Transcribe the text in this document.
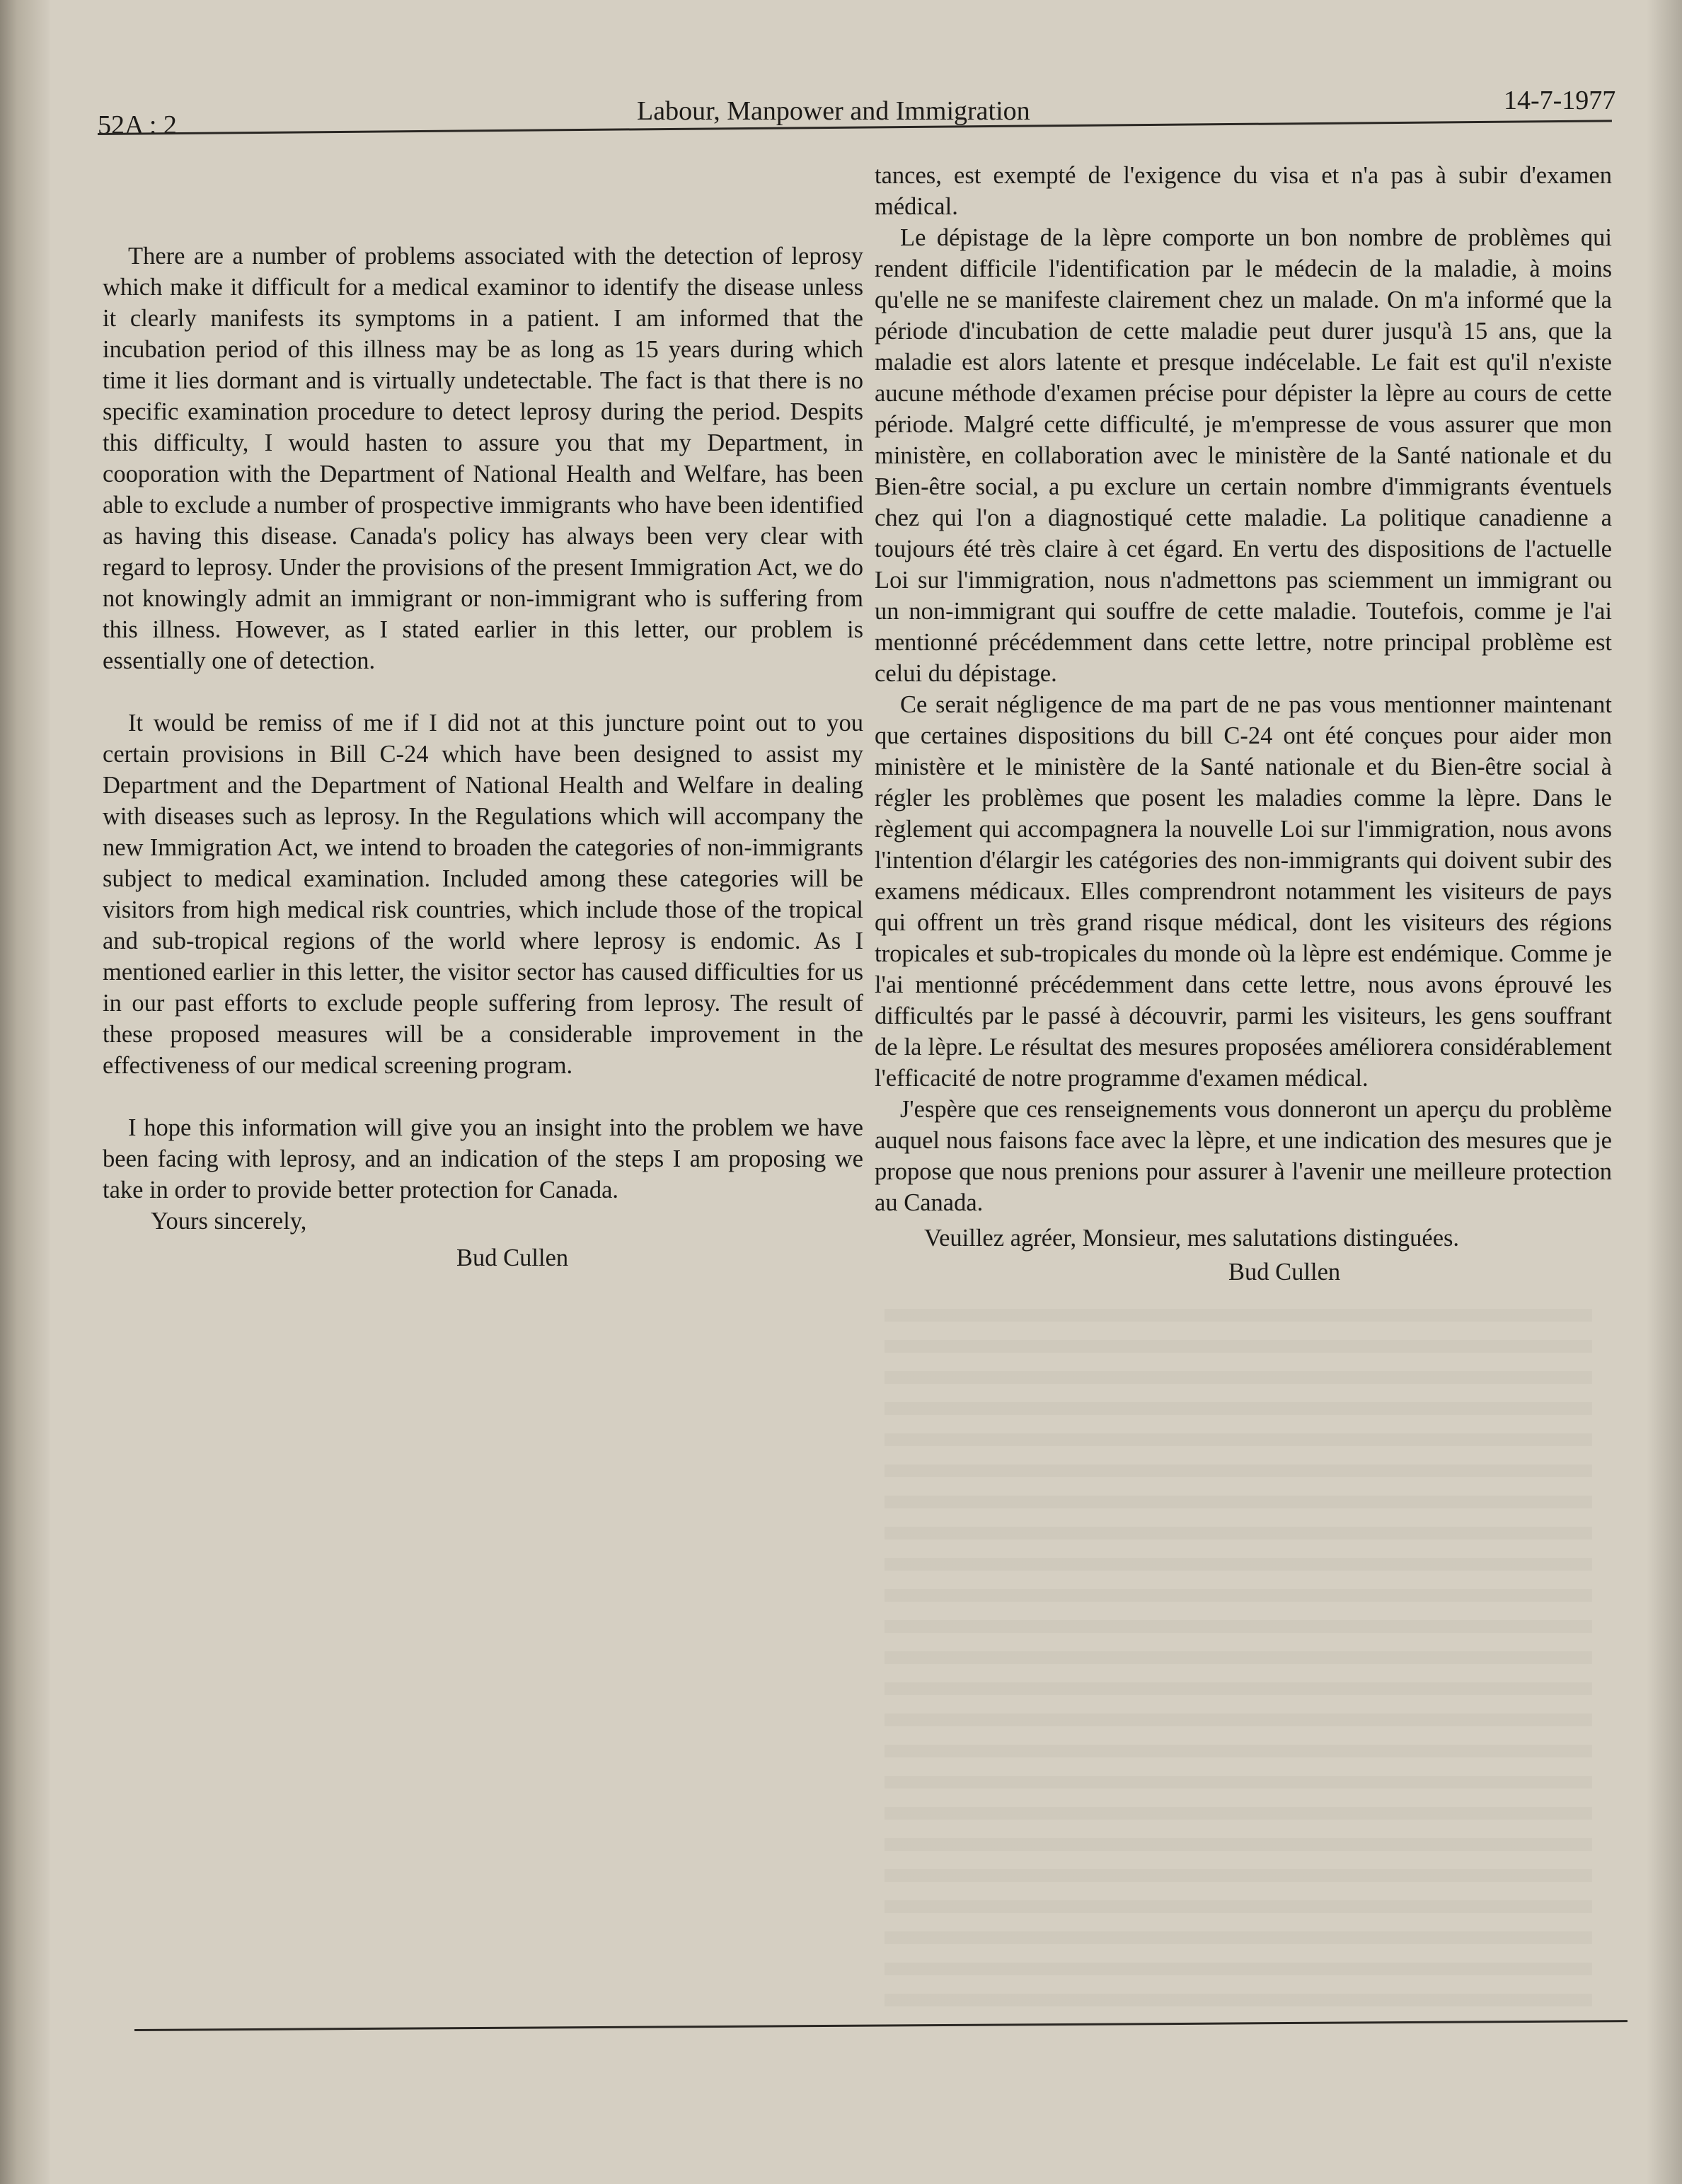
52A : 2	Labour, Manpower and Immigration	14-7-1977

There are a number of problems associated with the detection of leprosy which make it difficult for a medical examinor to identify the disease unless it clearly manifests its symptoms in a patient. I am informed that the incubation period of this illness may be as long as 15 years during which time it lies dormant and is virtually undetectable. The fact is that there is no specific examination procedure to detect leprosy during the period. Despits this difficulty, I would hasten to assure you that my Department, in cooporation with the Department of National Health and Welfare, has been able to exclude a number of prospective immigrants who have been identified as having this disease. Canada's policy has always been very clear with regard to leprosy. Under the provisions of the present Immigration Act, we do not knowingly admit an immigrant or non-immigrant who is suffering from this illness. However, as I stated earlier in this letter, our problem is essentially one of detection.

It would be remiss of me if I did not at this juncture point out to you certain provisions in Bill C-24 which have been designed to assist my Department and the Department of National Health and Welfare in dealing with diseases such as leprosy. In the Regulations which will accompany the new Immigration Act, we intend to broaden the categories of non-immigrants subject to medical examination. Included among these categories will be visitors from high medical risk countries, which include those of the tropical and sub-tropical regions of the world where leprosy is endomic. As I mentioned earlier in this letter, the visitor sector has caused difficulties for us in our past efforts to exclude people suffering from leprosy. The result of these proposed measures will be a considerable improvement in the effectiveness of our medical screening program.

I hope this information will give you an insight into the problem we have been facing with leprosy, and an indication of the steps I am proposing we take in order to provide better protection for Canada.

Yours sincerely,

Bud Cullen

tances, est exempté de l'exigence du visa et n'a pas à subir d'examen médical.

Le dépistage de la lèpre comporte un bon nombre de problèmes qui rendent difficile l'identification par le médecin de la maladie, à moins qu'elle ne se manifeste clairement chez un malade. On m'a informé que la période d'incubation de cette maladie peut durer jusqu'à 15 ans, que la maladie est alors latente et presque indécelable. Le fait est qu'il n'existe aucune méthode d'examen précise pour dépister la lèpre au cours de cette période. Malgré cette difficulté, je m'empresse de vous assurer que mon ministère, en collaboration avec le ministère de la Santé nationale et du Bien-être social, a pu exclure un certain nombre d'immigrants éventuels chez qui l'on a diagnostiqué cette maladie. La politique canadienne a toujours été très claire à cet égard. En vertu des dispositions de l'actuelle Loi sur l'immigration, nous n'admettons pas sciemment un immigrant ou un non-immigrant qui souffre de cette maladie. Toutefois, comme je l'ai mentionné précédemment dans cette lettre, notre principal problème est celui du dépistage.

Ce serait négligence de ma part de ne pas vous mentionner maintenant que certaines dispositions du bill C-24 ont été conçues pour aider mon ministère et le ministère de la Santé nationale et du Bien-être social à régler les problèmes que posent les maladies comme la lèpre. Dans le règlement qui accompagnera la nouvelle Loi sur l'immigration, nous avons l'intention d'élargir les catégories des non-immigrants qui doivent subir des examens médicaux. Elles comprendront notamment les visiteurs de pays qui offrent un très grand risque médical, dont les visiteurs des régions tropicales et sub-tropicales du monde où la lèpre est endémique. Comme je l'ai mentionné précédemment dans cette lettre, nous avons éprouvé les difficultés par le passé à découvrir, parmi les visiteurs, les gens souffrant de la lèpre. Le résultat des mesures proposées améliorera considérablement l'efficacité de notre programme d'examen médical.

J'espère que ces renseignements vous donneront un aperçu du problème auquel nous faisons face avec la lèpre, et une indication des mesures que je propose que nous prenions pour assurer à l'avenir une meilleure protection au Canada.

Veuillez agréer, Monsieur, mes salutations distinguées.

Bud Cullen
